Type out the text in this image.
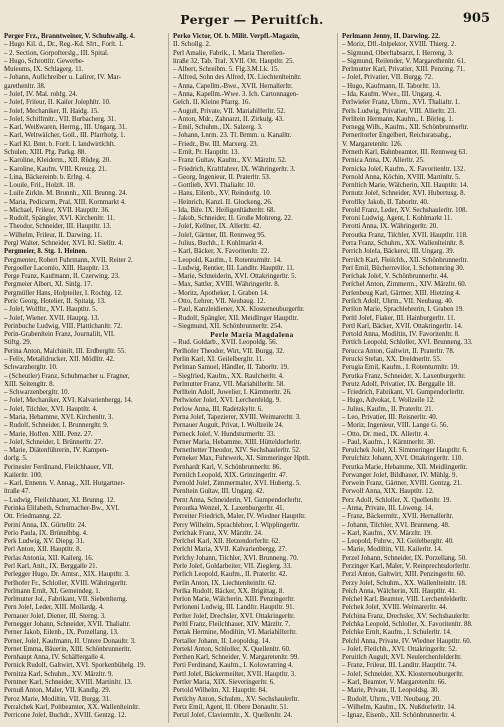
Perger — Peruitſch.	905
Perger Frz., Branntweiner, V. Schuhwallg. 4.
– Hugo Kil. d., Dr., Reg.-Kd. Sfrt., Forſt. 1.
– 2. Section, Gorpofterslg., III. Spital.
– Hugo, Schrottſtr. Gewerbe-
Muſeums, IX. Schlagerg. 11.
– Johann, Aufſchreiber u. Laſirer, IV. Mar-
garethenſtr. 38.
– Joſef, IV. Mal. rohfg. 24.
– Joſef, Friſeur, II. Kaiſer Joſephſtr. 10.
– Joſef, Mechaniker, II. Haidg. 15.
– Joſef, Schiffmſtr., VII. Burbacherg. 31.
– Karl, Weißwaren, Herrng., III. Ungarg. 31.
– Karl, Weltwäſcher, Goſſ., III. Pfarrhofg. 1.
– Karl Kl. Bmt. b. Forſt. I. landwirtſchft.
Schulen, XIII. Pfg. Parkg. 88.
– Karoline, Kleiderm., XII. Rüdeg. 20.
– Karoline, Kaufm. VIII. Kreuzg. 21.
– Lina, Bäckereinb. b. Erlng. 4.
– Louiſe, Friſ., Holzſt. 18.
– Luiſe Zirkln. M. Brunnh., XII. Brunng. 24.
– Maria, Pedicurm, Praſ, XIII. Kornmarkt 4.
– Michael, Friſeur, XVII. Hauptſtr. 36.
– Rudolf, Spängler, XVI. Kirchenſtr. 11.
– Theodor, Schneider, III. Hauptſtr. 13.
– Wilhelm, Friſeur, II. Darwing. 11.
Pergl Walter, Schneider, XVI. Kl. Sielſtr. 4.
Pergmeier, 8. Stg. 1. Heinen.
Pergmenter, Robert Fuhrmann, XVII. Reiter 2.
Pergoeſſer Lacomſo, XIII. Haupſtr. 13.
Perge Franz, Kaufmann, II. Czerwing. 23.
Pergmeier Albert, XI. Sinfg. 17.
Pergmüller Hans, Hoſpteiler, I. Rochtg. 12.
Peric Georg, Hotelier, II. Spitalg. 13.
– Joſef, Wolfſtr., XVI. Hauptſtr. 5.
– Joſef, Wiener. XVII. Hauptg. 13.
Perinbuche Ludwig, VIII. Plattſchanſtr. 72.
Perin-Grabenſtein Franz, Journaliſt, VII.
Stiftg. 29.
Perina Anton, Maſchiniſt, III. Erdbergſtr. 55.
– Felix, Metalldrucker, XII. Mödlſtr. 42.
Schwarzbergſtr. 10.
– (Scheutler) Franz, Schuhmacher u. Fragner,
XIII. Seitengſtr. 8.
– Schwarzenbergſtr. 10.
– Joſef, Mechaniker, XVI. Kalvarienbergg. 14.
– Joſef, Tiſchler, XVI. Hauptſtr. 4.
– Maria, Hebamme, XVI. Kirchenſtr. 3.
– Rudolf, Schneider, I. Brunnergſtr. 9.
– Marie, Hoffen. XIII. Penz. 27.
– Joſef, Schneider, I. Brünnerſtr. 27.
– Marie, Diätenführerin, IV. Kampen-
dorfg. 5.
Perinesſer Ferdinand, Fleiſchhauer, VII.
Kaiſerſtr. 100.
– Karl, Ennenn. V. Annag., XII. Hutgartner-
ſtraße 47.
– Ludwig, Fleiſchhauer, XI. Brunng. 12.
Perinka Eliſabeth, Schumacher-Bw., XVI.
Ott. Friedmanng. 22.
Perini Anna, IX. Gürtelſtr. 24.
Perio Paula, IX. Brünnlbbg. 4.
Perk Ludwig, XV. Diepg. 31.
Perl Anton, XII. Hauptſtr. 8.
Perlas Antonia, XII. Kaiſerg. 16.
Perl Karl, Anſt., IX. Berggaſſe 21.
Perlegger Hugo, Dr. Amtsr., XIX. Hauptſtr. 3.
Perlhofer Fr., Schloſſer, XVIII. Währingerſtr.
Perlmann Ernſt, XI. Gemeindeg. 1.
Perlmutter Joſ., Fabrikant, VII. Siebenſterng.
Pern Joſef, Leder, XIII. Mollardg. 4.
Pernauer Joſef, Diener, III. Sterng. 3.
Pernegger Johann, Schneider, XVII. Thaliaſtr.
Perner Jakob, Eiſenb., IX. Porzellang. 13.
Perner, Joſef, Kaufmann, II. Untere Donauſtr. 3.
Pernet Emma, Bäuerin, XIII. Schönbrunnerſtr.
Pernhaupt Anna, IV. Schäffergaſſe 4.
Pernick Rudolf, Gaſtwirt, XVI. Sporkenbühelg. 19.
Pernitza Karl, Schuhm., XV. Märzſtr. 9.
Perntner Karl, Schneider, XVIII. Martinſtr. 13.
Pernuß Anton, Maler, VII. Kandlg. 29.
Peroz Marie, Modiſtin, VII. Burgg. 31.
Perraſchek Karl, Poſtbeamter, XX. Wallenſteinſtr.
Perricone Joſef, Buchdr., XVIII. Gentzg. 12.
Perko Victor, Of. b. Milit. Verpfl.-Magazin,
II. Schollg. 2.
Perl Amalie, Fabrik., I. Maria Thereſien-
ſtraße 32, Tab. Traf. XVII. Ott. Hauptſtr. 25.
– Albert, Schreibm. 5. Flg.3.M.Lk. 15.
– Alfred, Sohn des Alfred, IX. Liechtenſteinſtr.
– Anna, Capellm.-Bwe., XVII. Hernalſerſtr.
– Anna, Kapellm.-Wwe. 3. Ich. Cartonnagen-
Geſch. II. Kleine Pfarrg. 16.
– Auguſt, Private, VII. Mariahilferſtr. 52.
– Anton, Mdr., Zahnarzt, II. Zirkuſg. 43.
– Emil, Schuhm., IX. Salzerg. 3.
– Johann, Lnrm. 23. Tſ. Brmm. u. Kanalſtr.
– Friedr., Bw. III. Marxerg. 23.
– Ernſt, Pr. Hauptſtr. 13.
– Franz Guſtav, Kaufm., XV. Märzſtr. 52.
– Friedrich, Kraftfahrer, IX. Währingerſtr. 3.
– Georg, Ingenieur, II. Praterſtr. 53.
– Gottlieb, XVI. Thaliaſtr. 10.
– Hans, Eiſenb., XV. Reindorfg. 10.
– Heinrich, Kanzl. II. Glockeng. 26.
– Ida, Biſe. IX. Heiligenſtädterſtr. 68.
– Jakob, Schneider, II. Große Mohreng. 22.
– Joſef, Kellner, IX. Alſerſtr. 42.
– Joſef, Gärtner, III. Rennweg 95.
– Julius, Buchh., I. Kohlmarkt 4.
– Karl, Bäcker, X. Favoritenſtr. 22.
– Leopold, Kaufm., I. Rotenturmſtr. 14.
– Ludwig, Rentier, III. Landſtr. Hauptſtr. 11.
– Marie, Schneiderin, XVI. Ottakringerſtr. 5.
– Max, Sattler, XVIII. Währingerſtr. 8.
– Moritz, Apotheker, I. Graben 14.
– Otto, Lehrer, VII. Neubaug. 12.
– Paul, Kanzleidiener, XX. Klosterneuburgerſtr.
– Rudolf, Spängler, XII. Meidlinger Hauptſtr.
– Siegmund, XII. Schönbrunnerſtr. 254.
Perle Maria Magdalena
– Rud. Goldarb., XVII. Leopoldg. 56.
Perlhofer Theodor, Wirt, VII. Burgg. 32.
Perlin Karl, XI. Geiſelbergſtr. 11.
Perlman Samuel, Händler, II. Taborſtr. 19.
– Siegfried, Kaufm., XX. Rauſcherſtr. 4.
Perlmutter Franz, VII. Mariahilferſtr. 58.
Perlſtein Adolf, Juwelier, I. Kärntnerſtr. 26.
Perlwieſer Joſef, XVI. Lerchenfeldg. 9.
Perlow Anna, III. Radetzkyſtr. 6.
Perna Joſef, Tapezierer, XVIII. Weimarerſtr. 3.
Pernauer Auguſt, Privat, I. Wollzeile 24.
Perneck Joſef, V. Hundsturmerſtr. 33.
Perner Maria, Hebamme, XIII. Hütteldorferſtr.
Pernetſtetter Theodor, XIV. Sechshauſerſtr. 52.
Perneker Max, Fuhrwerk, XI. Simmeringer Hptſt.
Pernhardt Karl, V. Schönbrunnerſtr. 86.
Perniſch Leopold, XIX. Grinzingerſtr. 47.
Pernold Joſef, Zimmermaler, XVI. Hubertg. 5.
Pernſtein Guſtav, III. Ungarg. 42.
Pernt Anna, Schneiderin, VI. Gumpendorferſtr.
Peroutka Wenzel, X. Laxenburgerſtr. 41.
Perreiter Friedrich, Maler, IV. Wiedner Hauptſtr.
Perry Wilhelm, Sprachlehrer, I. Wipplingerſtr.
Perſchak Franz, XV. Märzſtr. 24.
Perſchel Karl, XII. Hetzendorferſtr. 62.
Perſchl Maria, XVII. Kalvarienbergg. 27.
Perſchy Johann, Tiſchler, XVI. Brunneng. 70.
Perſe Joſef, Goldarbeiter, VII. Zieglerg. 33.
Perſich Leopold, Kaufm., II. Praterſtr. 42.
Perſin Anton, IX. Liechtenſteinſtr. 62.
Perſka Rudolf, Bäcker, XX. Brigittag. 8.
Perſon Marie, Wäſcherin, XIII. Penzingerſtr.
Perſoneni Ludwig, III. Landſtr. Hauptſtr. 91.
Perſter Joſef, Drechsler, XVI. Ottakringerſtr.
Perſtl Franz, Fleiſchhauer, XIV. Märzſtr. 7.
Pertak Hermine, Modiſtin, VI. Mariahilferſtr.
Pertaller Johann, II. Leopoldsg. 14.
Pertekl Anton, Schloſſer, X. Quellenſtr. 60.
Perthen Karl, Schneider, V. Margaretenſtr. 99.
Perti Ferdinand, Kaufm., I. Kolowratring 4.
Pertl Joſef, Bäckermeiſter, XVII. Hauptſtr. 3.
Pertler Maria, XIX. Sieveringerſtr. 6.
Pertold Wilhelm, XI. Hauptſtr. 84.
Pertſchy Anton, Schuhm., XV. Sechshauſerſtr.
Pertz Emil, Agent, II. Obere Donauſtr. 51.
Pertzl Joſef, Claviermſtr., X. Quellenſtr. 24.
Perlmann Jenny, II. Darwing. 22.
– Moriz, Dfl.-Inſpektor, XVIII. Thierg. 2.
– Sigmund, Oberftabsarzt, I. Herreng. 3.
– Sigmund, Reiſender, V. Margarethenſtr. 61.
Perlmutter Karl, Privatier, XIII. Penzing. 71.
– Joſef, Privatier, VII. Burgg. 72.
– Hugo, Kaufmann, II. Taborſtr. 13.
– Ida, Kaufm. Wwe., III. Ungarg. 4.
Perlwieſer Franz, Uhrm., XVI. Thaliaſtr. 1.
Perls Ludwig, Privatier, VIII. Alſerſtr. 23.
Perlſtein Hermann, Kaufm., I. Börſeg. 1.
Pernegg Wilh., Kaufm., XII. Schönbrunnerſtr.
Pernerſtorfer Engelbert, Reichsratsabg.,
V. Margaretenſtr. 126.
Perneth Karl, Bahnbeamter, III. Rennweg 63.
Pernica Anna, IX. Alſerſtr. 25.
Pernicka Joſef, Kaufm., X. Favoritenſtr. 132.
Pernold Anna, Köchin, XVIII. Martinſtr. 5.
Pernſtich Marie, Wäſcherin, XII. Hauptſtr. 14.
Pernutz Joſef, Schneider, XVI. Hubertusg. 8.
Perofſky Jakob, II. Taborſtr. 40.
Perold Franz, Leder, XV. Sechshauſerſtr. 108.
Peroni Ludwig, Agent, I. Kohlmarkt 11.
Perotti Anna, IX. Währingerſtr. 20.
Peroutka Franz, Tiſchler, XVII. Hauptſtr. 118.
Perra Franz, Schuhm., XX. Wallenſteinſtr. 8.
Perrich Joſefa, Bäckerei, III. Ungarg. 39.
Perriſch Karl, Fleiſchh., XII. Schönbrunnerſtr.
Perſ Emil, Bücherreviſor, I. Schottenring 30.
Perſchak Joſef, V. Schönbrunnerſtr. 44.
Perſchel Anton, Zimmerm., XIV. Märzſtr. 60.
Perſenbeug Karl, Gärtner, XIII. Hietzing 4.
Perſich Adolf, Uhrm., VII. Neubaug. 40.
Perſſon Marie, Sprachlehrerin, I. Graben 19.
Perſtl Joſef, Fiaker, III. Hainburgerſtr. 11.
Pertl Karl, Bäcker, XVII. Ottakringerſtr. 14.
Pertold Anna, Modiſtin, IV. Favoritenſtr. 8.
Pertſch Leopold, Schloſſer, XVI. Brunneng. 33.
Perucca Anton, Gaſtwirt, II. Praterſtr. 78.
Perucki Stefan, XX. Dreſdnerſtr. 55.
Perugia Emil, Kaufm., I. Rotenturmſtr. 19.
Perutka Franz, Schneider, X. Laxenburgerſtr.
Perutz Adolf, Privatier, IX. Berggaſſe 18.
– Friedrich, Fabrikant, VI. Gumpendorferſtr.
– Hugo, Advokat, I. Wollzeile 12.
– Julius, Kaufm., II. Praterſtr. 21.
– Leo, Privatier, III. Reisnerſtr. 40.
– Moriz, Ingenieur, VIII. Lange G. 56.
– Otto, Dr. med., IX. Alſerſtr. 4.
– Paul, Kaufm., I. Kärntnerſtr. 30.
Peruſchek Joſef, XI. Simmeringer Hauptſtr. 6.
Peruſchitz Johann, XVI. Ottakringerſtr. 110.
Perutka Marie, Hebamme, XII. Meidlingerſtr.
Perwanger Joſef, Bildhauer, IV. Mühlg. 9.
Perwein Franz, Gärtner, XVIII. Gentzg. 21.
Perwolf Anna, XIX. Hauptſtr. 12.
Perz Adolf, Schloſſer, X. Quellenſtr. 19.
– Anna, Private, III. Löweng. 14.
– Franz, Bäckermſtr., XVII. Hernalſerſtr.
– Johann, Tiſchler, XVI. Brunneng. 48.
– Karl, Kaufm., XV. Märzſtr. 19.
– Leopold, Fuhrw., XI. Geiſelbergſtr. 40.
– Marie, Modiſtin, VII. Kaiſerſtr. 14.
Perzel Johann, Schneider, IX. Porzellang. 50.
Perzinger Karl, Maler, V. Reinprechtsdorferſtr.
Perzl Anton, Gaſtwirt, XIII. Penzingerſtr. 60.
Perzy Joſef, Schuhm., XX. Wallenſteinſtr. 18.
Peſch Anna, Wäſcherin, XII. Hauptſtr. 41.
Peſchel Karl, Beamter, VIII. Lerchenfelderſtr.
Peſchek Joſef, XVIII. Weimarerſtr. 44.
Peſchina Franz, Drechsler, XV. Sechshauſerſtr.
Peſchka Leopold, Schloſſer, X. Favoritenſtr. 88.
Peſchke Ernſt, Kaufm., I. Schulerſtr. 14.
Peſchl Anna, Private, IV. Wiedner Hauptſtr. 60.
– Joſef, Fleiſchh., XVI. Ottakringerſtr. 52.
Peruitſch Auguſt, XVI. Neulerchenfelderſtr.
– Franz, Friſeur, III. Landſtr. Hauptſtr. 74.
– Joſef, Schneider, XX. Klosterneuburgerſtr.
– Karl, Beamter, V. Margaretenſtr. 66.
– Marie, Private, II. Leopoldsg. 30.
– Rudolf, Uhrm., VII. Neubaug. 20.
– Wilhelm, Kaufm., IX. Nußdorferſtr. 14.
– Ignaz, Eisenb., XII. Schönbrunnerſtr. 4.
